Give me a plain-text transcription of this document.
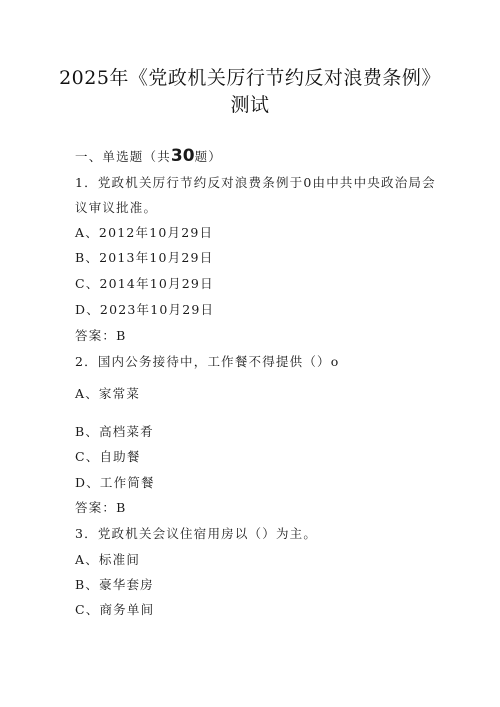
2025年《党政机关厉行节约反对浪费条例》
测试
一、单选题（共30题）
1．党政机关厉行节约反对浪费条例于0由中共中央政治局会
议审议批准。
A、2012年10月29日
B、2013年10月29日
C、2014年10月29日
D、2023年10月29日
答案：B
2．国内公务接待中，工作餐不得提供（）o
A、家常菜
B、高档菜肴
C、自助餐
D、工作简餐
答案：B
3．党政机关会议住宿用房以（）为主。
A、标准间
B、豪华套房
C、商务单间
